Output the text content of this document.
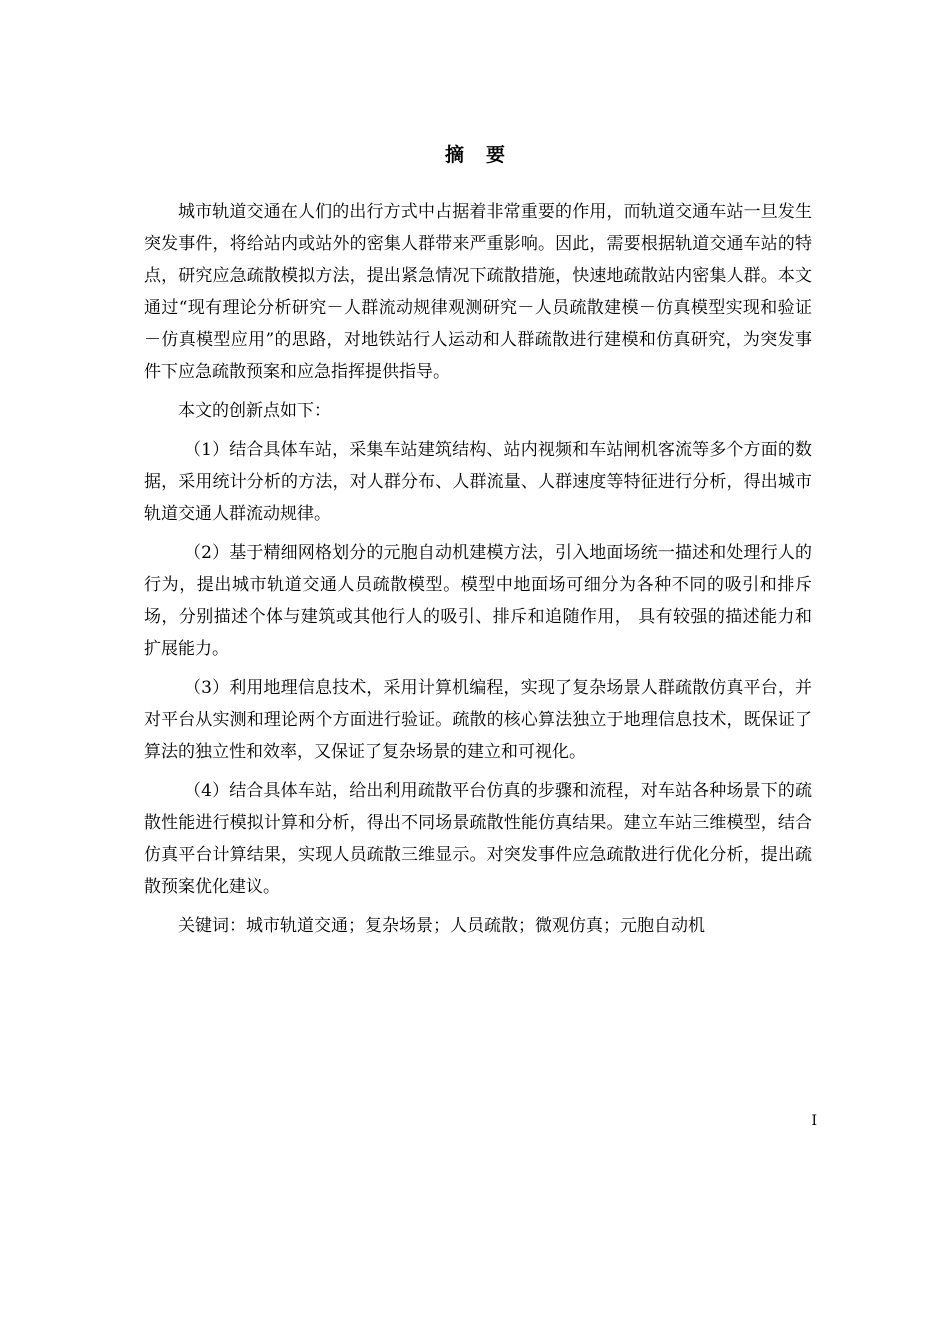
摘要

城市轨道交通在人们的出行方式中占据着非常重要的作用，而轨道交通车站一旦发生突发事件，将给站内或站外的密集人群带来严重影响。因此，需要根据轨道交通车站的特点，研究应急疏散模拟方法，提出紧急情况下疏散措施，快速地疏散站内密集人群。本文通过“现有理论分析研究－人群流动规律观测研究－人员疏散建模－仿真模型实现和验证－仿真模型应用”的思路，对地铁站行人运动和人群疏散进行建模和仿真研究，为突发事件下应急疏散预案和应急指挥提供指导。

本文的创新点如下：

（1）结合具体车站，采集车站建筑结构、站内视频和车站闸机客流等多个方面的数据，采用统计分析的方法，对人群分布、人群流量、人群速度等特征进行分析，得出城市轨道交通人群流动规律。

（2）基于精细网格划分的元胞自动机建模方法，引入地面场统一描述和处理行人的行为，提出城市轨道交通人员疏散模型。模型中地面场可细分为各种不同的吸引和排斥场，分别描述个体与建筑或其他行人的吸引、排斥和追随作用， 具有较强的描述能力和扩展能力。

（3）利用地理信息技术，采用计算机编程，实现了复杂场景人群疏散仿真平台，并对平台从实测和理论两个方面进行验证。疏散的核心算法独立于地理信息技术，既保证了算法的独立性和效率，又保证了复杂场景的建立和可视化。

（4）结合具体车站，给出利用疏散平台仿真的步骤和流程，对车站各种场景下的疏散性能进行模拟计算和分析，得出不同场景疏散性能仿真结果。建立车站三维模型，结合仿真平台计算结果，实现人员疏散三维显示。对突发事件应急疏散进行优化分析，提出疏散预案优化建议。

关键词：城市轨道交通；复杂场景；人员疏散；微观仿真；元胞自动机

I
